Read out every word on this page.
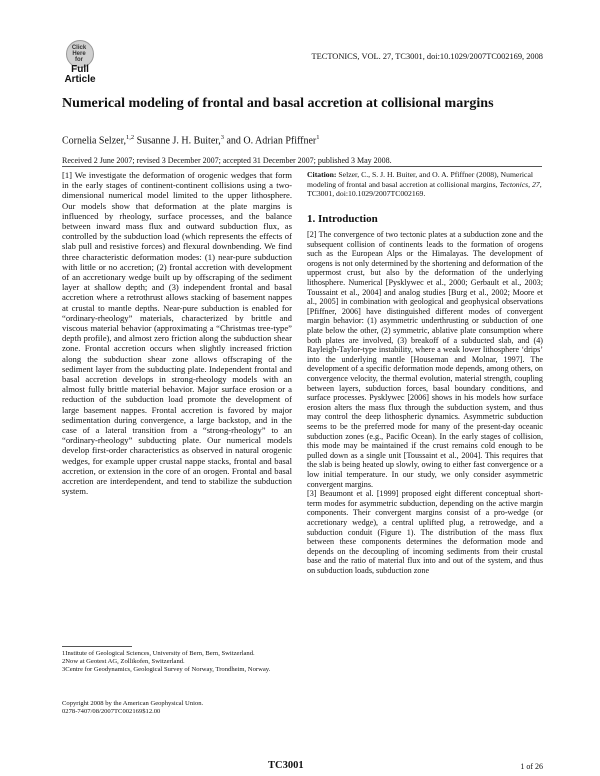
Click Here
for
Full
Article
TECTONICS, VOL. 27, TC3001, doi:10.1029/2007TC002169, 2008
Numerical modeling of frontal and basal accretion at collisional margins
Cornelia Selzer,$^{1,2}$ Susanne J. H. Buiter,$^3$ and O. Adrian Pfiffner$^1$
Received 2 June 2007; revised 3 December 2007; accepted 31 December 2007; published 3 May 2008.

[1] We investigate the deformation of orogenic wedges that form in the early stages of continent-continent collisions using a two-dimensional numerical model limited to the upper lithosphere. Our models show that deformation at the plate margins is influenced by rheology, surface processes, and the balance between inward mass flux and outward subduction flux, as controlled by the subduction load (which represents the effects of slab pull and resistive forces) and flexural downbending. We find three characteristic deformation modes: (1) near-pure subduction with little or no accretion; (2) frontal accretion with development of an accretionary wedge built up by offscraping of the sediment layer at shallow depth; and (3) independent frontal and basal accretion where a retrothrust allows stacking of basement nappes at crustal to mantle depths. Near-pure subduction is enabled for “ordinary-rheology” materials, characterized by brittle and viscous material behavior (approximating a “Christmas tree-type” depth profile), and almost zero friction along the subduction shear zone. Frontal accretion occurs when slightly increased friction along the subduction shear zone allows offscraping of the sediment layer from the subducting plate. Independent frontal and basal accretion develops in strong-rheology models with an almost fully brittle material behavior. Major surface erosion or a reduction of the subduction load promote the development of large basement nappes. Frontal accretion is favored by major sedimentation during convergence, a large backstop, and in the case of a lateral transition from a “strong-rheology” to an “ordinary-rheology” subducting plate. Our numerical models develop first-order characteristics as observed in natural orogenic wedges, for example upper crustal nappe stacks, frontal and basal accretion, or extension in the core of an orogen. Frontal and basal accretion are interdependent, and tend to stabilize the subduction system.

Citation: Selzer, C., S. J. H. Buiter, and O. A. Pfiffner (2008), Numerical modeling of frontal and basal accretion at collisional margins, Tectonics, 27, TC3001, doi:10.1029/2007TC002169.

1. Introduction

[2] The convergence of two tectonic plates at a subduction zone and the subsequent collision of continents leads to the formation of orogens such as the European Alps or the Himalayas. The development of orogens is not only determined by the shortening and deformation of the uppermost crust, but also by the deformation of the underlying lithosphere. Numerical [Pysklywec et al., 2000; Gerbault et al., 2003; Toussaint et al., 2004] and analog studies [Burg et al., 2002; Moore et al., 2005] in combination with geological and geophysical observations [Pfiffner, 2006] have distinguished different modes of convergent margin behavior: (1) asymmetric underthrusting or subduction of one plate below the other, (2) symmetric, ablative plate consumption where both plates are involved, (3) breakoff of a subducted slab, and (4) Rayleigh-Taylor-type instability, where a weak lower lithosphere ‘drips’ into the underlying mantle [Houseman and Molnar, 1997]. The development of a specific deformation mode depends, among others, on convergence velocity, the thermal evolution, material strength, coupling between layers, subduction forces, basal boundary conditions, and surface processes. Pysklywec [2006] shows in his models how surface erosion alters the mass flux through the subduction system, and thus may control the deep lithospheric dynamics. Asymmetric subduction seems to be the preferred mode for many of the present-day oceanic subduction zones (e.g., Pacific Ocean). In the early stages of collision, this mode may be maintained if the crust remains cold enough to be pulled down as a single unit [Toussaint et al., 2004]. This requires that the slab is being heated up slowly, owing to either fast convergence or a low initial temperature. In our study, we only consider asymmetric convergent margins.

[3] Beaumont et al. [1999] proposed eight different conceptual short-term modes for asymmetric subduction, depending on the active margin components. Their convergent margins consist of a pro-wedge (or accretionary wedge), a central uplifted plug, a retrowedge, and a subduction conduit (Figure 1). The distribution of the mass flux between these components determines the deformation mode and depends on the decoupling of incoming sediments from their crustal base and the ratio of material flux into and out of the system, and thus on subduction loads, subduction zone

1Institute of Geological Sciences, University of Bern, Bern, Switzerland.

2Now at Geotest AG, Zollikofen, Switzerland.

3Centre for Geodynamics, Geological Survey of Norway, Trondheim, Norway.

Copyright 2008 by the American Geophysical Union.

0278-7407/08/2007TC002169$12.00

TC3001	1 of 26
